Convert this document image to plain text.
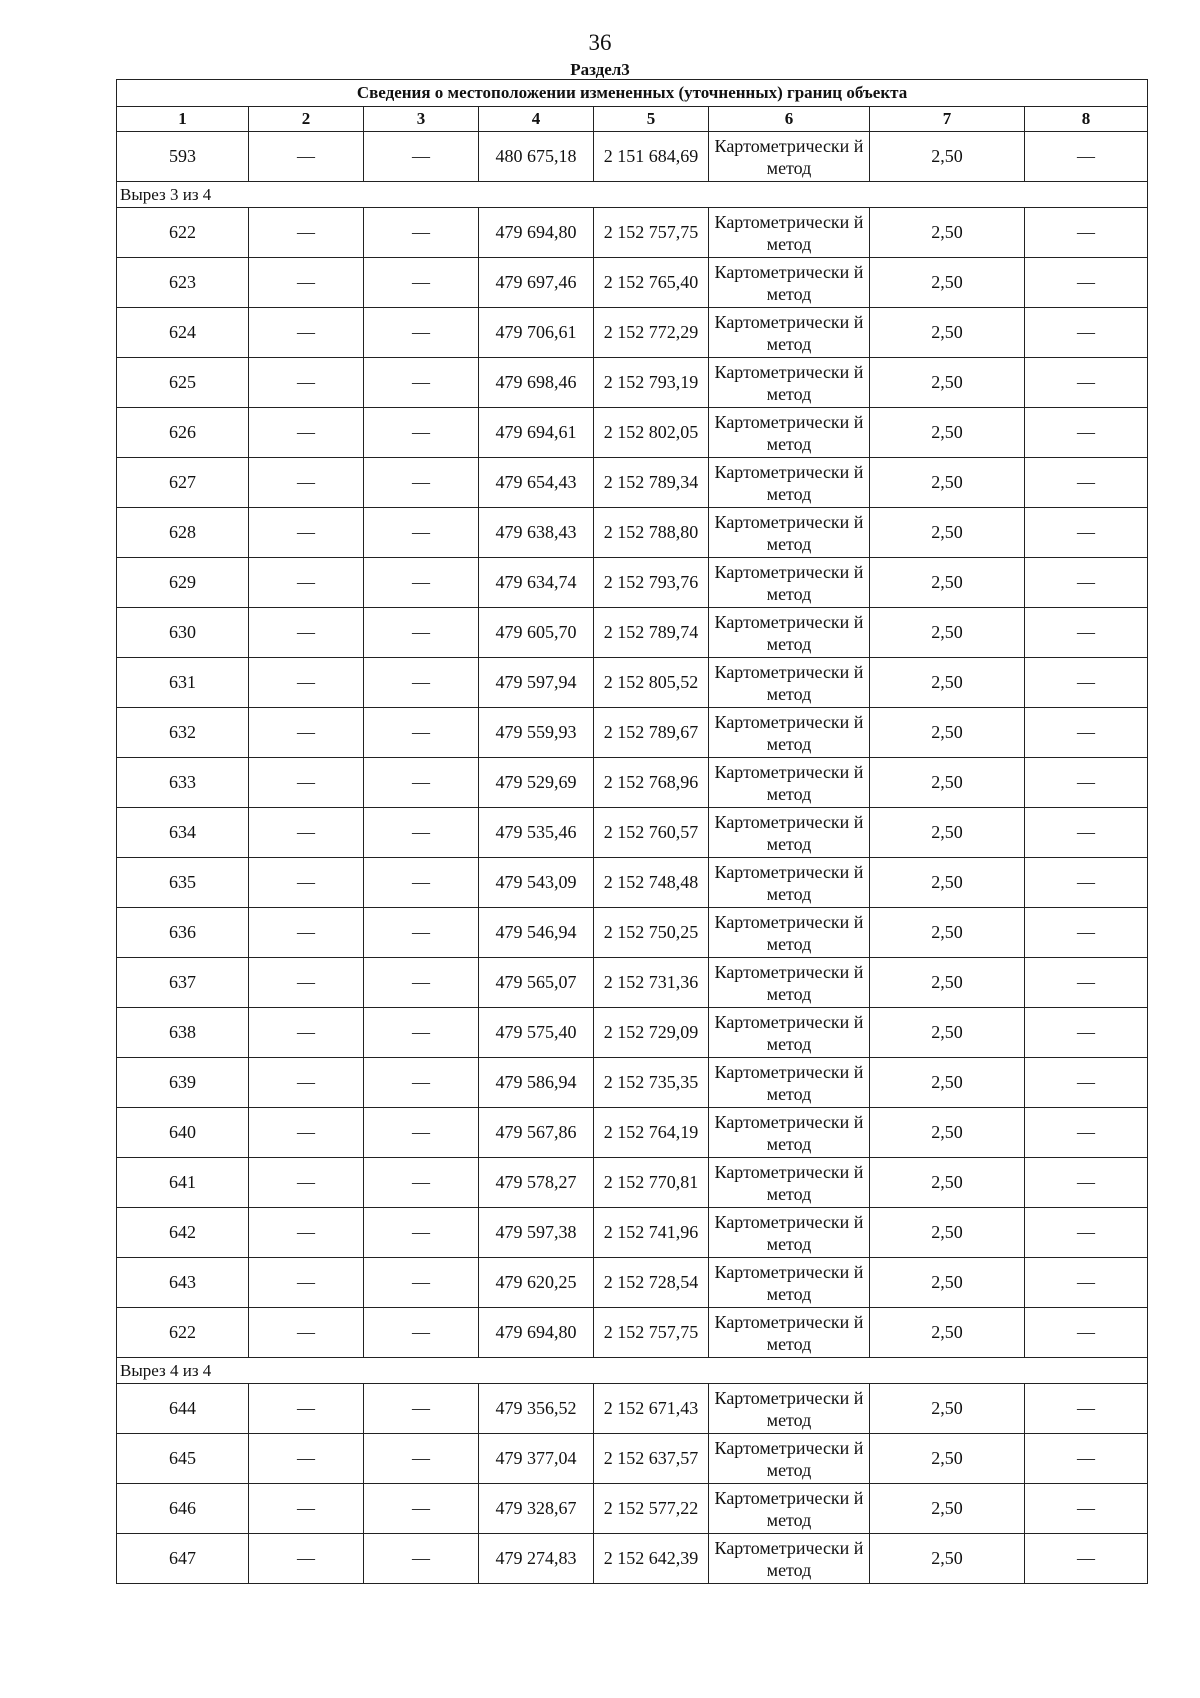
36
Раздел3
Сведения о местоположении измененных (уточненных) границ объекта							
1	2	3	4	5	6	7	8
593	—	—	480 675,18	2 151 684,69	Картометрически й метод	2,50	—
Вырез 3 из 4							
622	—	—	479 694,80	2 152 757,75	Картометрически й метод	2,50	—
623	—	—	479 697,46	2 152 765,40	Картометрически й метод	2,50	—
624	—	—	479 706,61	2 152 772,29	Картометрически й метод	2,50	—
625	—	—	479 698,46	2 152 793,19	Картометрически й метод	2,50	—
626	—	—	479 694,61	2 152 802,05	Картометрически й метод	2,50	—
627	—	—	479 654,43	2 152 789,34	Картометрически й метод	2,50	—
628	—	—	479 638,43	2 152 788,80	Картометрически й метод	2,50	—
629	—	—	479 634,74	2 152 793,76	Картометрически й метод	2,50	—
630	—	—	479 605,70	2 152 789,74	Картометрически й метод	2,50	—
631	—	—	479 597,94	2 152 805,52	Картометрически й метод	2,50	—
632	—	—	479 559,93	2 152 789,67	Картометрически й метод	2,50	—
633	—	—	479 529,69	2 152 768,96	Картометрически й метод	2,50	—
634	—	—	479 535,46	2 152 760,57	Картометрически й метод	2,50	—
635	—	—	479 543,09	2 152 748,48	Картометрически й метод	2,50	—
636	—	—	479 546,94	2 152 750,25	Картометрически й метод	2,50	—
637	—	—	479 565,07	2 152 731,36	Картометрически й метод	2,50	—
638	—	—	479 575,40	2 152 729,09	Картометрически й метод	2,50	—
639	—	—	479 586,94	2 152 735,35	Картометрически й метод	2,50	—
640	—	—	479 567,86	2 152 764,19	Картометрически й метод	2,50	—
641	—	—	479 578,27	2 152 770,81	Картометрически й метод	2,50	—
642	—	—	479 597,38	2 152 741,96	Картометрически й метод	2,50	—
643	—	—	479 620,25	2 152 728,54	Картометрически й метод	2,50	—
622	—	—	479 694,80	2 152 757,75	Картометрически й метод	2,50	—
Вырез 4 из 4							
644	—	—	479 356,52	2 152 671,43	Картометрически й метод	2,50	—
645	—	—	479 377,04	2 152 637,57	Картометрически й метод	2,50	—
646	—	—	479 328,67	2 152 577,22	Картометрически й метод	2,50	—
647	—	—	479 274,83	2 152 642,39	Картометрически й метод	2,50	—
